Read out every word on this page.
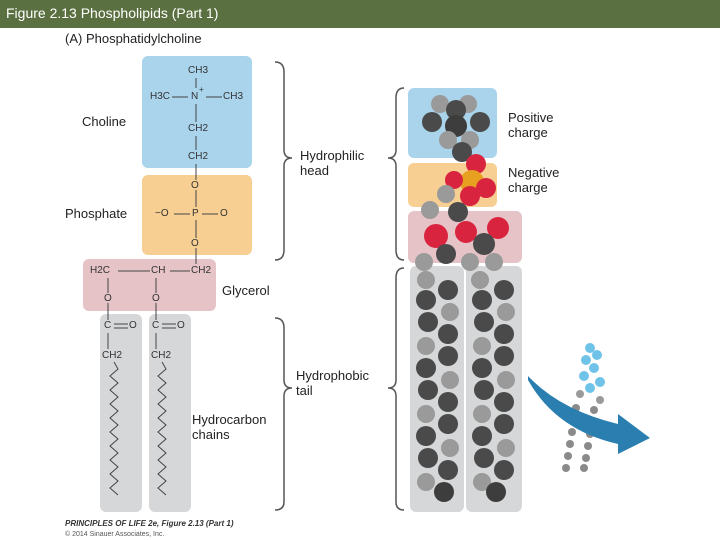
Figure 2.13 Phospholipids (Part 1)
(A) Phosphatidylcholine
Choline
Phosphate
Glycerol
Hydrocarbon chains
Hydrophilic head
Hydrophobic tail
Positive charge
Negative charge
CH3
H3C N
+
CH3
CH2
CH2
O
−O P O
O
H2C	CH	CH2
O	O
C O C O
CH2	CH2
PRINCIPLES OF LIFE 2e, Figure 2.13 (Part 1)
© 2014 Sinauer Associates, Inc.
